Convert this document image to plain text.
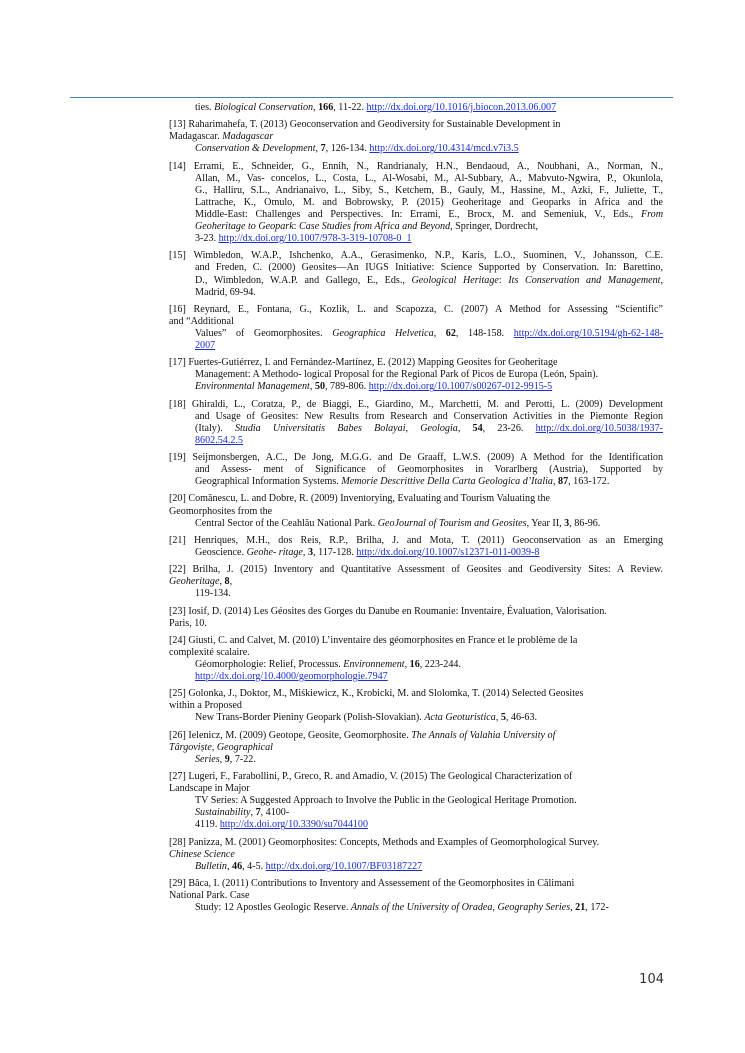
ties. Biological Conservation, 166, 11-22. http://dx.doi.org/10.1016/j.biocon.2013.06.007
[13] Raharimahefa, T. (2013) Geoconservation and Geodiversity for Sustainable Development in
Madagascar. Madagascar
Conservation & Development, 7, 126-134. http://dx.doi.org/10.4314/mcd.v7i3.5
[14] Errami, E., Schneider, G., Ennih, N., Randrianaly, H.N., Bendaoud, A., Noubhani, A., Norman, N.,
Allan, M., Vas- concelos, L., Costa, L., Al-Wosabi, M., Al-Subbary, A., Mabvuto-Ngwira, P., Okunlola,
G., Halliru, S.L., Andrianaivo, L., Siby, S., Ketchem, B., Gauly, M., Hassine, M., Azki, F., Juliette, T.,
Lattrache, K., Omulo, M. and Bobrowsky, P. (2015) Geoheritage and Geoparks in Africa and the
Middle-East: Challenges and Perspectives. In: Errami, E., Brocx, M. and Semeniuk, V., Eds., From
Geoheritage to Geopark: Case Studies from Africa and Beyond, Springer, Dordrecht,
3-23. http://dx.doi.org/10.1007/978-3-319-10708-0_1
[15] Wimbledon, W.A.P., Ishchenko, A.A., Gerasimenko, N.P., Karis, L.O., Suominen, V., Johansson, C.E.
and Freden, C. (2000) Geosites—An IUGS Initiative: Science Supported by Conservation. In: Barettino,
D., Wimbledon, W.A.P. and Gallego, E., Eds., Geological Heritage: Its Conservation and Management,
Madrid, 69-94.
[16] Reynard, E., Fontana, G., Kozlik, L. and Scapozza, C. (2007) A Method for Assessing “Scientific”
and “Additional
Values” of Geomorphosites. Geographica Helvetica, 62, 148-158. http://dx.doi.org/10.5194/gh-62-148-
2007
[17] Fuertes-Gutiérrez, I. and Fernández-Martínez, E. (2012) Mapping Geosites for Geoheritage
Management: A Methodo- logical Proposal for the Regional Park of Picos de Europa (León, Spain).
Environmental Management, 50, 789-806. http://dx.doi.org/10.1007/s00267-012-9915-5
[18] Ghiraldi, L., Coratza, P., de Biaggi, E., Giardino, M., Marchetti, M. and Perotti, L. (2009) Development
and Usage of Geosites: New Results from Research and Conservation Activities in the Piemonte Region
(Italy). Studia Universitatis Babes Bolayai, Geologia, 54, 23-26. http://dx.doi.org/10.5038/1937-
8602.54.2.5
[19] Seijmonsbergen, A.C., De Jong, M.G.G. and De Graaff, L.W.S. (2009) A Method for the Identification
and Assess- ment of Significance of Geomorphosites in Vorarlberg (Austria), Supported by
Geographical Information Systems. Memorie Descrittive Della Carta Geologica d’Italia, 87, 163-172.
[20] Comănescu, L. and Dobre, R. (2009) Inventorying, Evaluating and Tourism Valuating the
Geomorphosites from the
Central Sector of the Ceahlău National Park. GeoJournal of Tourism and Geosites, Year II, 3, 86-96.
[21] Henriques, M.H., dos Reis, R.P., Brilha, J. and Mota, T. (2011) Geoconservation as an Emerging
Geoscience. Geohe- ritage, 3, 117-128. http://dx.doi.org/10.1007/s12371-011-0039-8
[22] Brilha, J. (2015) Inventory and Quantitative Assessment of Geosites and Geodiversity Sites: A Review.
Geoheritage, 8,
119-134.
[23] Iosif, D. (2014) Les Géosites des Gorges du Danube en Roumanie: Inventaire, Évaluation, Valorisation.
Paris, 10.
[24] Giusti, C. and Calvet, M. (2010) L’inventaire des géomorphosites en France et le problème de la
complexité scalaire.
Géomorphologie: Relief, Processus. Environnement, 16, 223-244.
http://dx.doi.org/10.4000/geomorphologie.7947
[25] Golonka, J., Doktor, M., Miśkiewicz, K., Krobicki, M. and Slolomka, T. (2014) Selected Geosites
within a Proposed
New Trans-Border Pieniny Geopark (Polish-Slovakian). Acta Geoturistica, 5, 46-63.
[26] Ielenicz, M. (2009) Geotope, Geosite, Geomorphosite. The Annals of Valahia University of
Târgoviște, Geographical
Series, 9, 7-22.
[27] Lugeri, F., Farabollini, P., Greco, R. and Amadio, V. (2015) The Geological Characterization of
Landscape in Major
TV Series: A Suggested Approach to Involve the Public in the Geological Heritage Promotion.
Sustainability, 7, 4100-
4119. http://dx.doi.org/10.3390/su7044100
[28] Panizza, M. (2001) Geomorphosites: Concepts, Methods and Examples of Geomorphological Survey.
Chinese Science
Bulletin, 46, 4-5. http://dx.doi.org/10.1007/BF03187227
[29] Bâca, I. (2011) Contributions to Inventory and Assessement of the Geomorphosites in Călimani
National Park. Case
Study: 12 Apostles Geologic Reserve. Annals of the University of Oradea, Geography Series, 21, 172-
104
